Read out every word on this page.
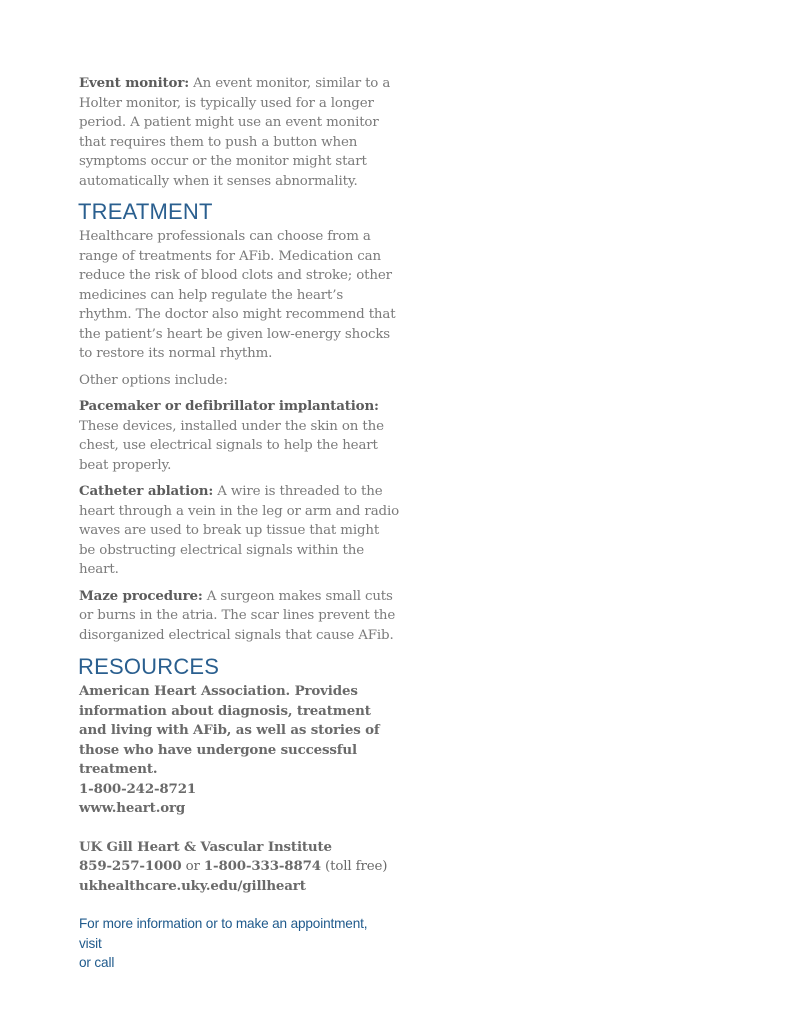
Event monitor: An event monitor, similar to a Holter monitor, is typically used for a longer period. A patient might use an event monitor that requires them to push a button when symptoms occur or the monitor might start automatically when it senses abnormality.

TREATMENT

Healthcare professionals can choose from a range of treatments for AFib. Medication can reduce the risk of blood clots and stroke; other medicines can help regulate the heart’s rhythm. The doctor also might recommend that the patient’s heart be given low-energy shocks to restore its normal rhythm.

Other options include:

Pacemaker or defibrillator implantation: These devices, installed under the skin on the chest, use electrical signals to help the heart beat properly.

Catheter ablation: A wire is threaded to the heart through a vein in the leg or arm and radio waves are used to break up tissue that might be obstructing electrical signals within the heart.

Maze procedure: A surgeon makes small cuts or burns in the atria. The scar lines prevent the disorganized electrical signals that cause AFib.

RESOURCES
American Heart Association. Provides information about diagnosis, treatment and living with AFib, as well as stories of those who have undergone successful treatment.
1-800-242-8721
www.heart.org
UK Gill Heart & Vascular Institute
859-257-1000 or 1-800-333-8874 (toll free)
ukhealthcare.uky.edu/gillheart
For more information or to make an appointment,
visit
or call
